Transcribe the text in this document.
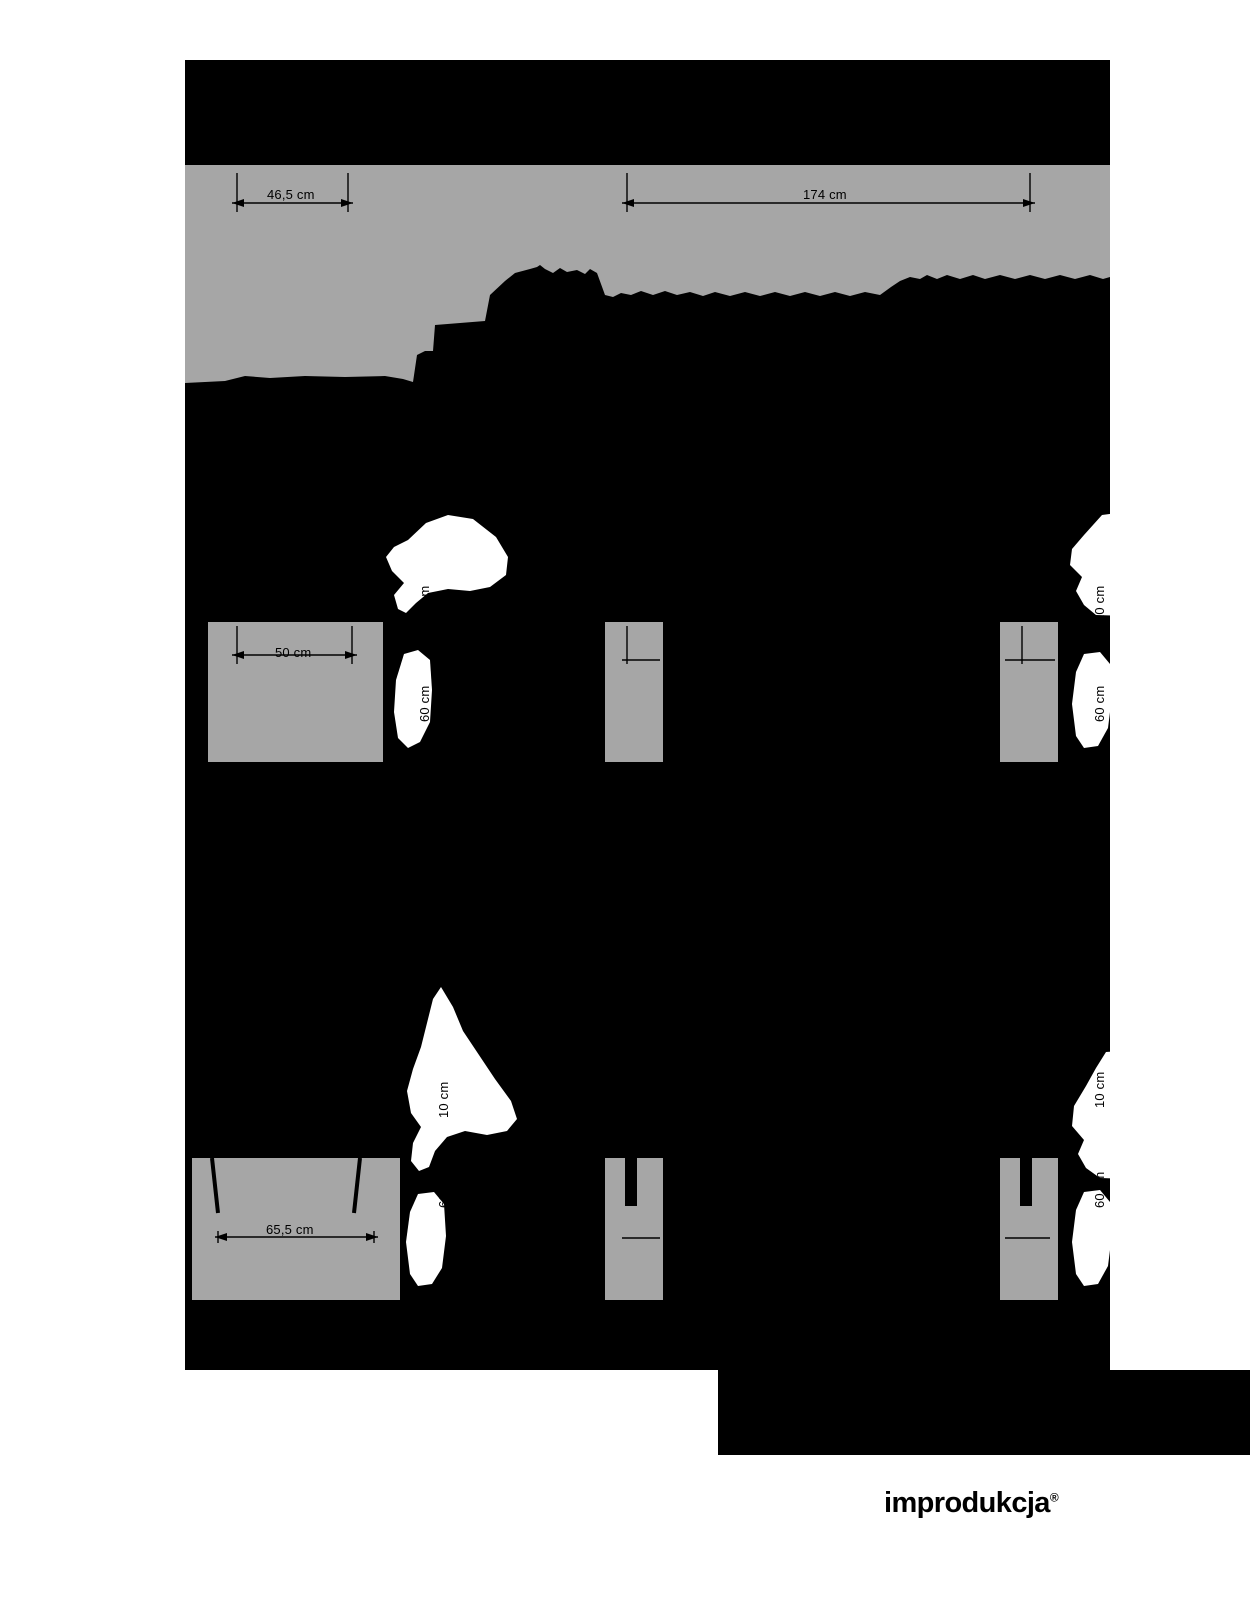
46,5 cm	174 cm
50 cm
10 cm
60 cm
10 cm
60 cm
65,5 cm
10 cm
60 cm
10 cm
60 cm
improdukcja®
